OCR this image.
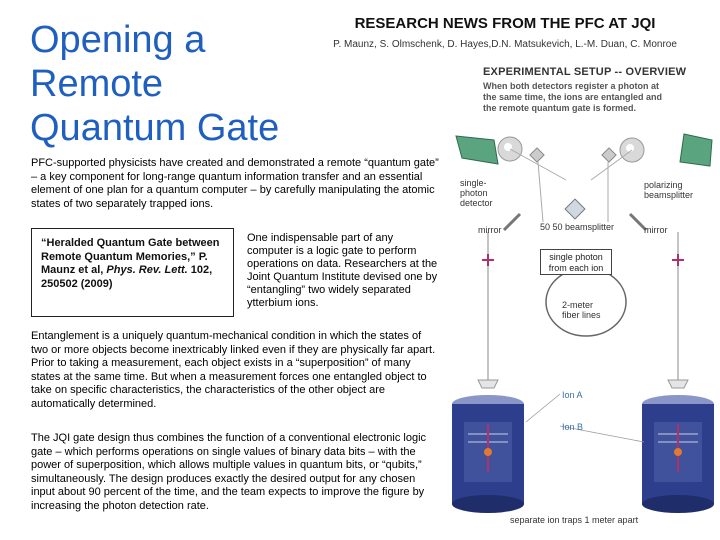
Opening a Remote Quantum Gate
RESEARCH NEWS FROM THE PFC AT JQI
P. Maunz, S. Olmschenk, D. Hayes,D.N. Matsukevich, L.-M. Duan, C. Monroe

PFC-supported physicists have created and demonstrated a remote “quantum gate” – a key component for long-range quantum information transfer and an essential element of one plan for a quantum computer – by carefully manipulating the atomic states of two separately trapped ions.

“Heralded Quantum Gate between Remote Quantum Memories,” P. Maunz et al, Phys. Rev. Lett. 102, 250502 (2009)

One indispensable part of any computer is a logic gate to perform operations on data. Researchers at the Joint Quantum Institute devised one by “entangling” two widely separated ytterbium ions.

Entanglement is a uniquely quantum-mechanical condition in which the states of two or more objects become inextricably linked even if they are physically far apart. Prior to taking a measurement, each object exists in a “superposition” of many states at the same time. But when a measurement forces one entangled object to take on specific characteristics, the characteristics of the other object are automatically determined.

The JQI gate design thus combines the function of a conventional electronic logic gate – which performs operations on single values of binary data bits – with the power of superposition, which allows multiple values in quantum bits, or “qubits,” simultaneously. The design produces exactly the desired output for any chosen input about 90 percent of the time, and the team expects to improve the figure by increasing the photon detection rate.

EXPERIMENTAL SETUP -- OVERVIEW
When both detectors register a photon at the same time, the ions are entangled and the remote quantum gate is formed.
single-photon detector
polarizing beamsplitter
mirror	50 50 beamsplitter	mirror
single photon from each ion
2-meter fiber lines
Ion A
Ion B
separate ion traps 1 meter apart
